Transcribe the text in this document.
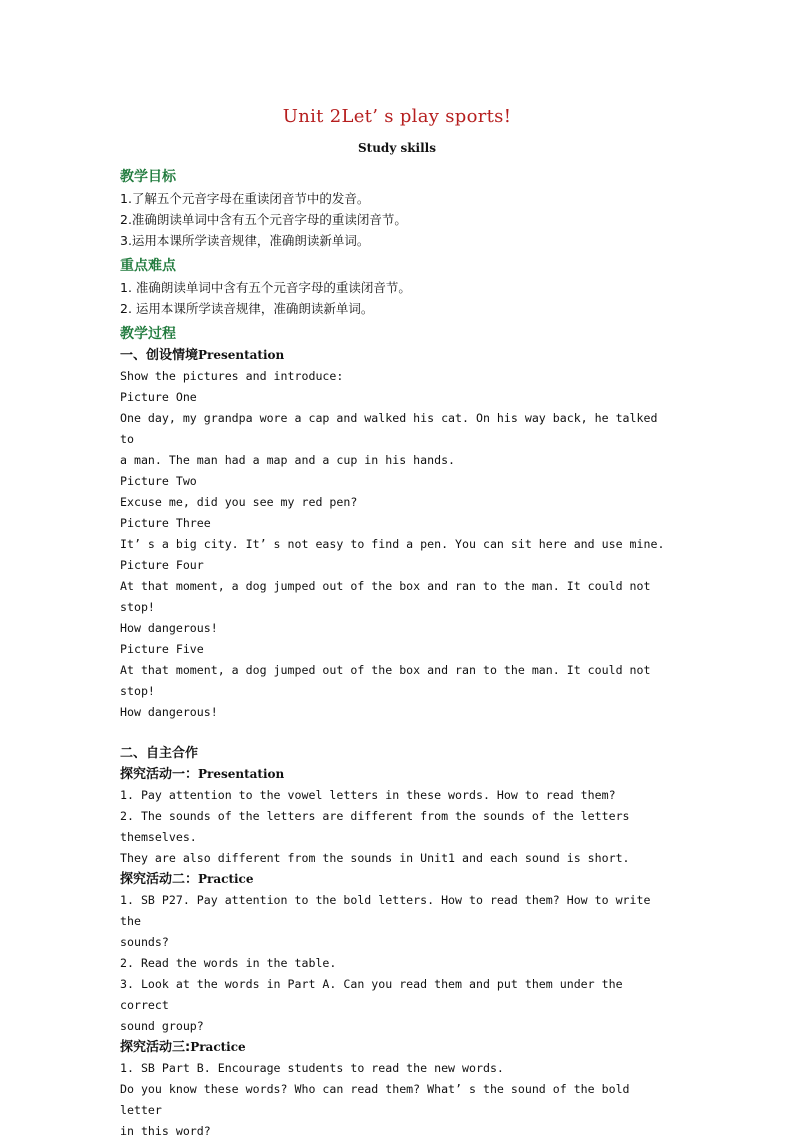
Unit 2Let’ s play sports!
Study skills
教学目标
1.了解五个元音字母在重读闭音节中的发音。
2.准确朗读单词中含有五个元音字母的重读闭音节。
3.运用本课所学读音规律，准确朗读新单词。
重点难点
1. 准确朗读单词中含有五个元音字母的重读闭音节。
2. 运用本课所学读音规律，准确朗读新单词。
教学过程
一、创设情境Presentation
Show the pictures and introduce:
Picture One
One day, my grandpa wore a cap and walked his cat. On his way back, he talked to
a man. The man had a map and a cup in his hands.
Picture Two
Excuse me, did you see my red pen?
Picture Three
It’ s a big city. It’ s not easy to find a pen. You can sit here and use mine.
Picture Four
At that moment, a dog jumped out of the box and ran to the man. It could not stop!
How dangerous!
Picture Five
At that moment, a dog jumped out of the box and ran to the man. It could not stop!
How dangerous!
二、自主合作
探究活动一：Presentation
1. Pay attention to the vowel letters in these words. How to read them?
2. The sounds of the letters are different from the sounds of the letters themselves.
They are also different from the sounds in Unit1 and each sound is short.
探究活动二：Practice
1. SB P27. Pay attention to the bold letters. How to read them? How to write the
sounds?
2. Read the words in the table.
3. Look at the words in Part A. Can you read them and put them under the correct
sound group?
探究活动三:Practice
1. SB Part B. Encourage students to read the new words.
Do you know these words? Who can read them? What’ s the sound of the bold letter
in this word?
